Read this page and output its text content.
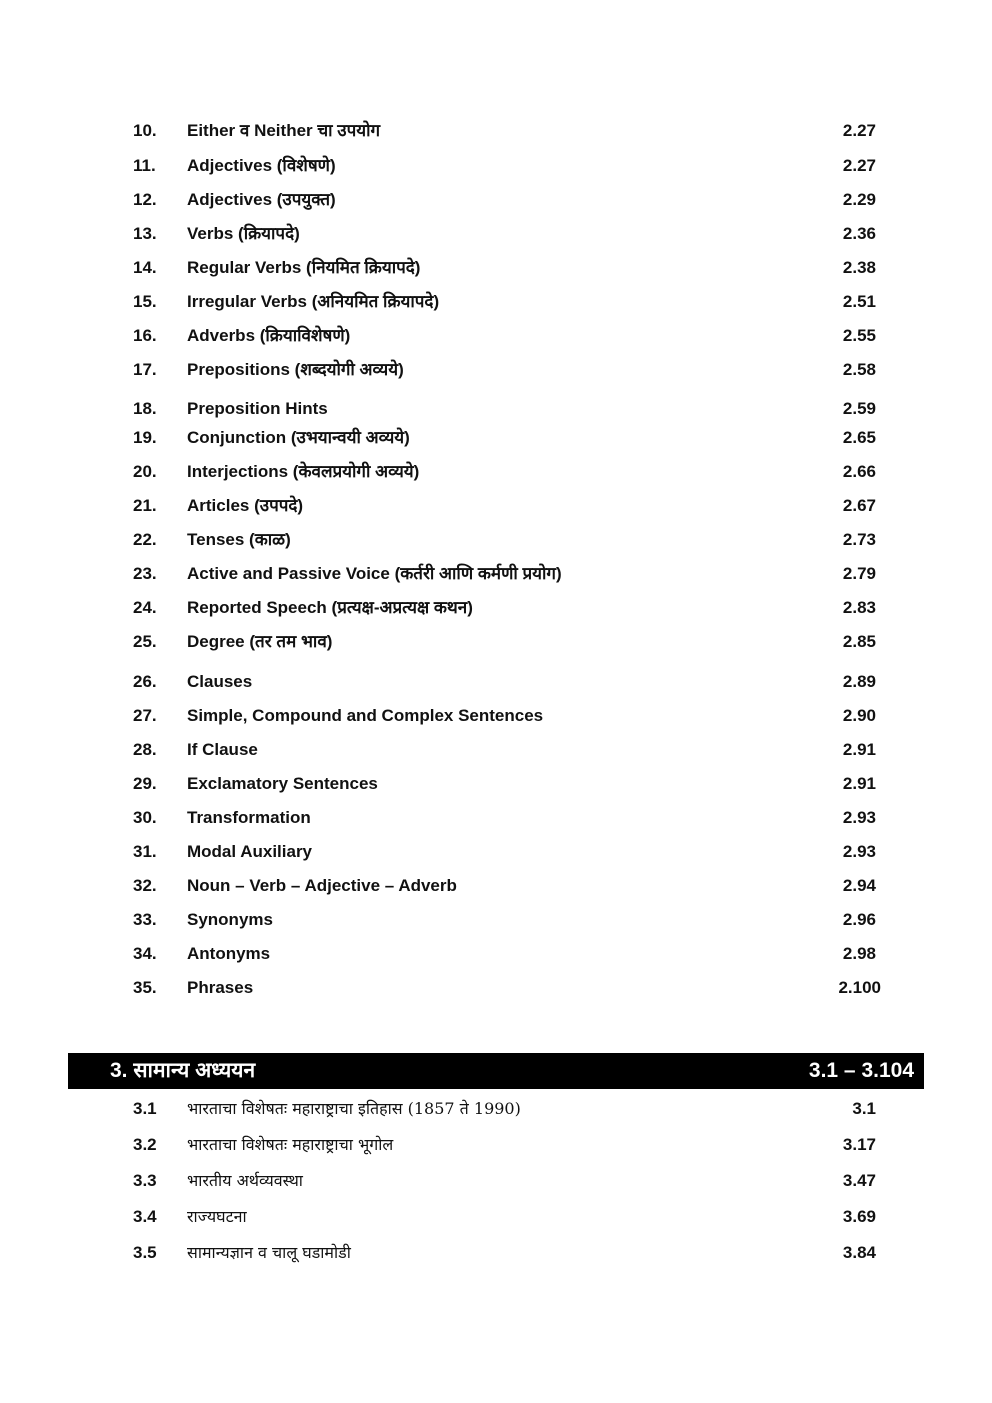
10. Either व Neither चा उपयोग	2.27
11. Adjectives (विशेषणे)	2.27
12. Adjectives (उपयुक्त)	2.29
13. Verbs (क्रियापदे)	2.36
14. Regular Verbs (नियमित क्रियापदे)	2.38
15. Irregular Verbs (अनियमित क्रियापदे)	2.51
16. Adverbs (क्रियाविशेषणे)	2.55
17. Prepositions (शब्दयोगी अव्यये)	2.58
18. Preposition Hints	2.59
19. Conjunction (उभयान्वयी अव्यये)	2.65
20. Interjections (केवलप्रयोगी अव्यये)	2.66
21. Articles (उपपदे)	2.67
22. Tenses (काळ)	2.73
23. Active and Passive Voice (कर्तरी आणि कर्मणी प्रयोग)	2.79
24. Reported Speech (प्रत्यक्ष-अप्रत्यक्ष कथन)	2.83
25. Degree (तर तम भाव)	2.85
26. Clauses	2.89
27. Simple, Compound and Complex Sentences	2.90
28. If Clause	2.91
29. Exclamatory Sentences	2.91
30. Transformation	2.93
31. Modal Auxiliary	2.93
32. Noun – Verb – Adjective – Adverb	2.94
33. Synonyms	2.96
34. Antonyms	2.98
35. Phrases	2.100
3. सामान्य अध्ययन	3.1 – 3.104
3.1 भारताचा विशेषतः महाराष्ट्राचा इतिहास (1857 ते 1990)	3.1
3.2 भारताचा विशेषतः महाराष्ट्राचा भूगोल	3.17
3.3 भारतीय अर्थव्यवस्था	3.47
3.4 राज्यघटना	3.69
3.5 सामान्यज्ञान व चालू घडामोडी	3.84
